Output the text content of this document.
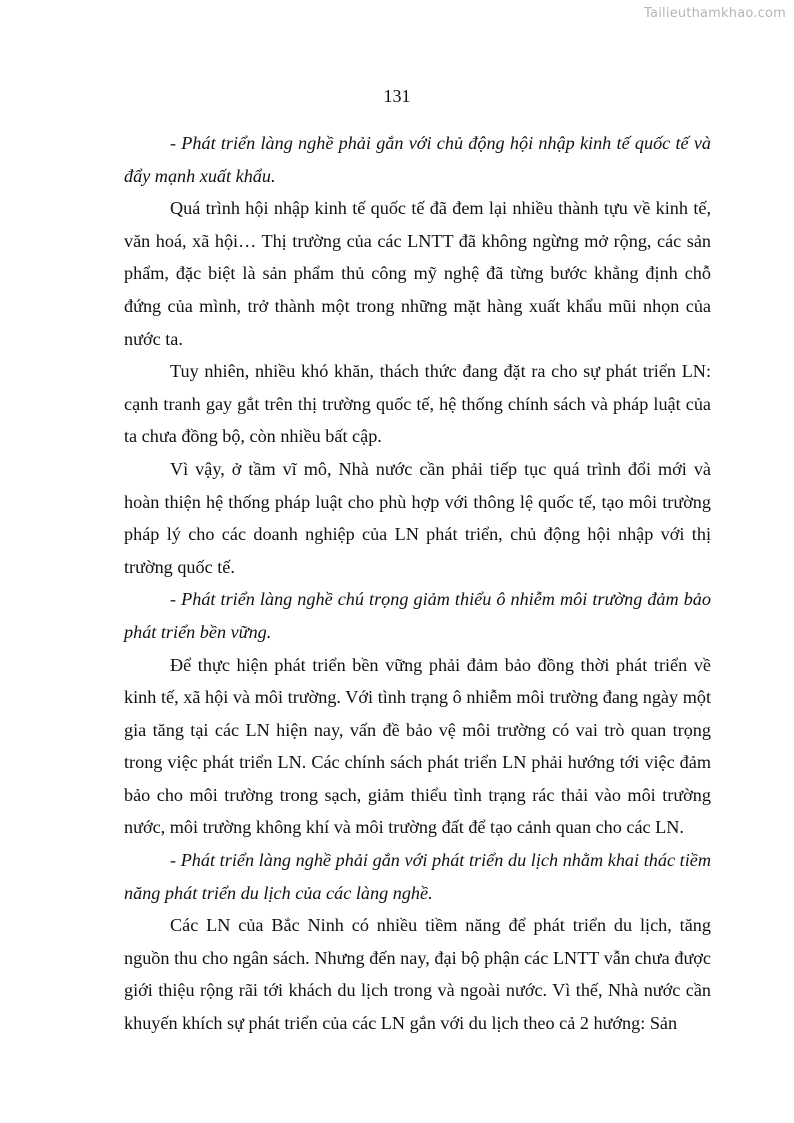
Tailieuthamkhao.com
131

- Phát triển làng nghề phải gắn với chủ động hội nhập kinh tế quốc tế và đẩy mạnh xuất khẩu.

Quá trình hội nhập kinh tế quốc tế đã đem lại nhiều thành tựu về kinh tế, văn hoá, xã hội… Thị trường của các LNTT đã không ngừng mở rộng, các sản phẩm, đặc biệt là sản phẩm thủ công mỹ nghệ đã từng bước khẳng định chỗ đứng của mình, trở thành một trong những mặt hàng xuất khẩu mũi nhọn của nước ta.

Tuy nhiên, nhiều khó khăn, thách thức đang đặt ra cho sự phát triển LN: cạnh tranh gay gắt trên thị trường quốc tế, hệ thống chính sách và pháp luật của ta chưa đồng bộ, còn nhiều bất cập.

Vì vậy, ở tầm vĩ mô, Nhà nước cần phải tiếp tục quá trình đổi mới và hoàn thiện hệ thống pháp luật cho phù hợp với thông lệ quốc tế, tạo môi trường pháp lý cho các doanh nghiệp của LN phát triển, chủ động hội nhập với thị trường quốc tế.

- Phát triển làng nghề chú trọng giảm thiểu ô nhiễm môi trường đảm bảo phát triển bền vững.

Để thực hiện phát triển bền vững phải đảm bảo đồng thời phát triển về kinh tế, xã hội và môi trường. Với tình trạng ô nhiễm môi trường đang ngày một gia tăng tại các LN hiện nay, vấn đề bảo vệ môi trường có vai trò quan trọng trong việc phát triển LN. Các chính sách phát triển LN phải hướng tới việc đảm bảo cho môi trường trong sạch, giảm thiểu tình trạng rác thải vào môi trường nước, môi trường không khí và môi trường đất để tạo cảnh quan cho các LN.

- Phát triển làng nghề phải gắn với phát triển du lịch nhằm khai thác tiềm năng phát triển du lịch của các làng nghề.

Các LN của Bắc Ninh có nhiều tiềm năng để phát triển du lịch, tăng nguồn thu cho ngân sách. Nhưng đến nay, đại bộ phận các LNTT vẫn chưa được giới thiệu rộng rãi tới khách du lịch trong và ngoài nước. Vì thế, Nhà nước cần khuyến khích sự phát triển của các LN gắn với du lịch theo cả 2 hướng: Sản
